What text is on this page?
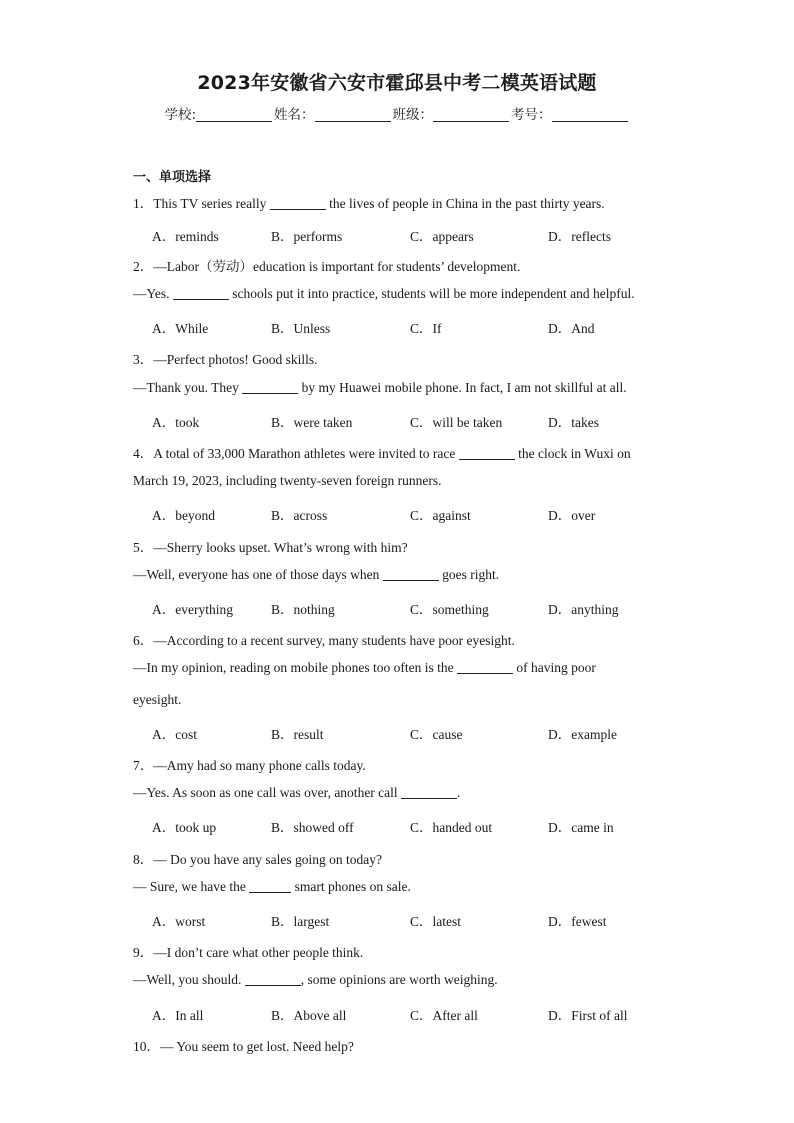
2023年安徽省六安市霍邱县中考二模英语试题
学校:	姓名：	班级：	考号：
一、单项选择
1．This TV series really	the lives of people in China in the past thirty years.
A．reminds	B．performs	C．appears	D．reflects
2．—Labor（劳动）education is important for students’ development.
—Yes.	schools put it into practice, students will be more independent and helpful.
A．While	B．Unless	C．If	D．And
3．—Perfect photos! Good skills.
—Thank you. They	by my Huawei mobile phone. In fact, I am not skillful at all.
A．took	B．were taken	C．will be taken	D．takes
4．A total of 33,000 Marathon athletes were invited to race	the clock in Wuxi on
March 19, 2023, including twenty-seven foreign runners.
A．beyond	B．across	C．against	D．over
5．—Sherry looks upset. What’s wrong with him?
—Well, everyone has one of those days when	goes right.
A．everything	B．nothing	C．something	D．anything
6．—According to a recent survey, many students have poor eyesight.
—In my opinion, reading on mobile phones too often is the	of having poor
eyesight.
A．cost	B．result	C．cause	D．example
7．—Amy had so many phone calls today.
—Yes. As soon as one call was over, another call	.
A．took up	B．showed off	C．handed out	D．came in
8．— Do you have any sales going on today?
— Sure, we have the	smart phones on sale.
A．worst	B．largest	C．latest	D．fewest
9．—I don’t care what other people think.
—Well, you should.	, some opinions are worth weighing.
A．In all	B．Above all	C．After all	D．First of all
10．— You seem to get lost. Need help?
